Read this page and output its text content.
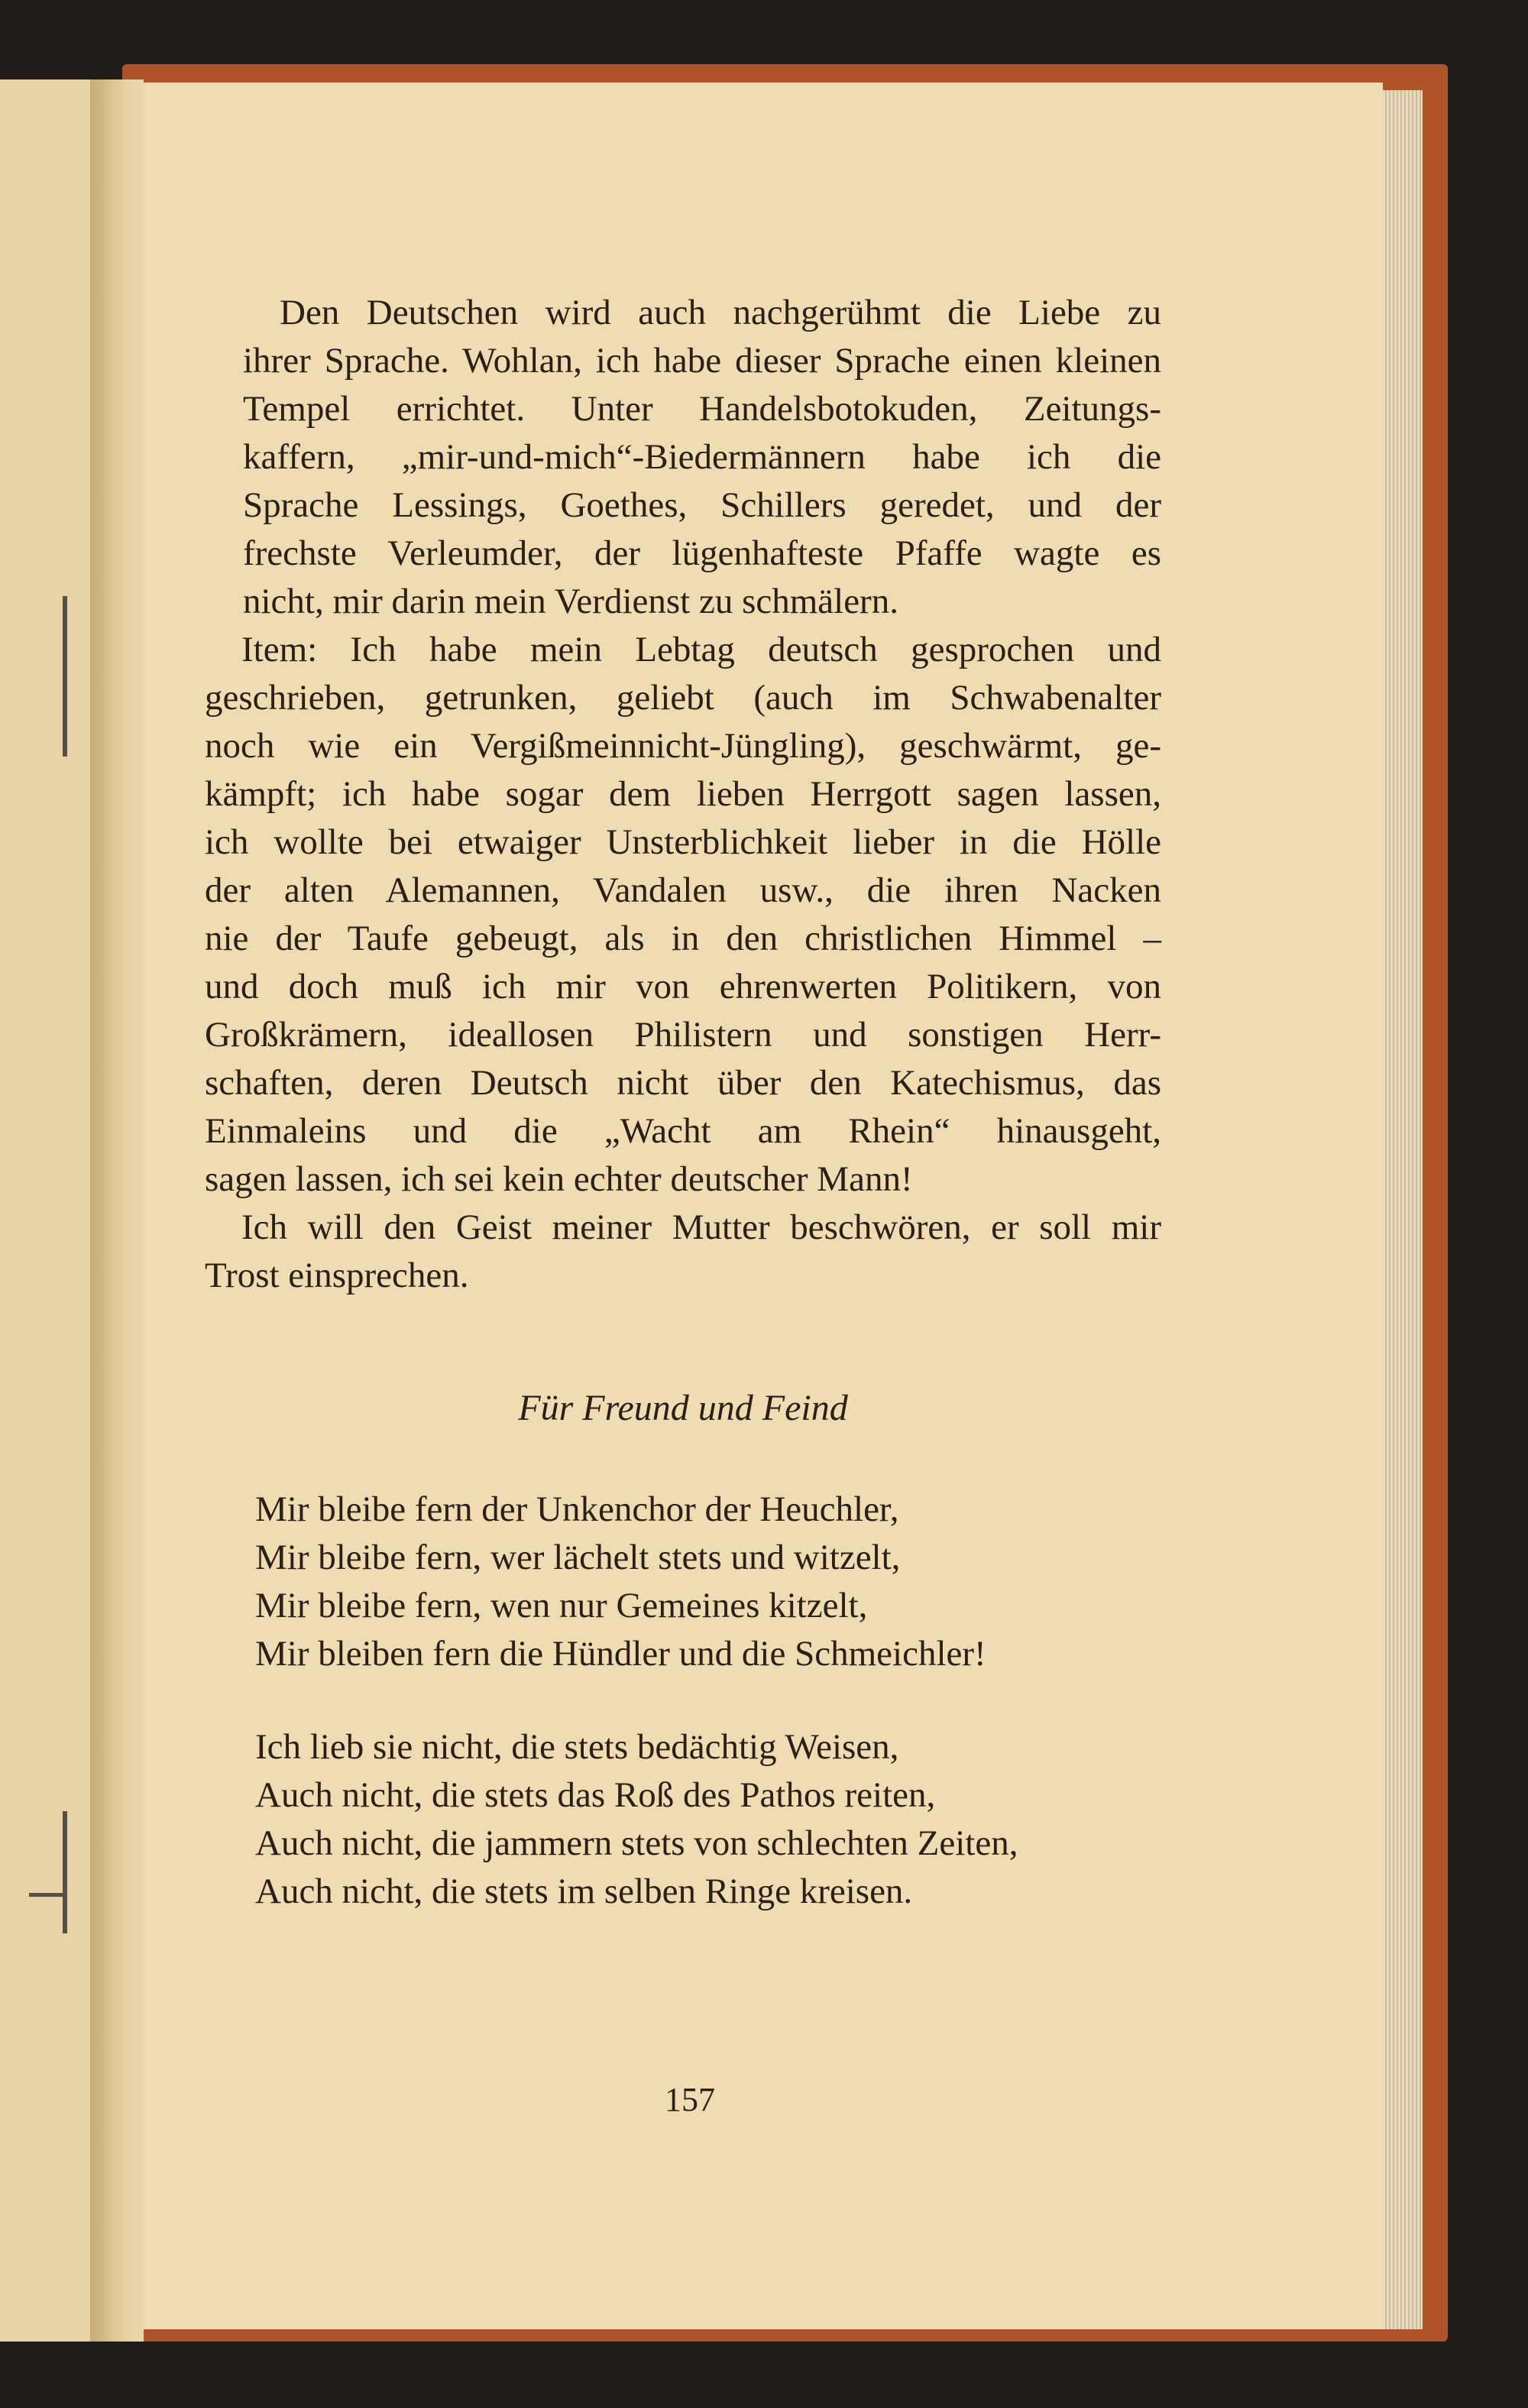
Den Deutschen wird auch nachgerühmt die Liebe zu
ihrer Sprache. Wohlan, ich habe dieser Sprache einen kleinen
Tempel errichtet. Unter Handelsbotokuden, Zeitungs-
kaffern, „mir-und-mich“-Biedermännern habe ich die
Sprache Lessings, Goethes, Schillers geredet, und der
frechste Verleumder, der lügenhafteste Pfaffe wagte es
nicht, mir darin mein Verdienst zu schmälern.
Item: Ich habe mein Lebtag deutsch gesprochen und
geschrieben, getrunken, geliebt (auch im Schwabenalter
noch wie ein Vergißmeinnicht-Jüngling), geschwärmt, ge-
kämpft; ich habe sogar dem lieben Herrgott sagen lassen,
ich wollte bei etwaiger Unsterblichkeit lieber in die Hölle
der alten Alemannen, Vandalen usw., die ihren Nacken
nie der Taufe gebeugt, als in den christlichen Himmel –
und doch muß ich mir von ehrenwerten Politikern, von
Großkrämern, ideallosen Philistern und sonstigen Herr-
schaften, deren Deutsch nicht über den Katechismus, das
Einmaleins und die „Wacht am Rhein“ hinausgeht,
sagen lassen, ich sei kein echter deutscher Mann!
Ich will den Geist meiner Mutter beschwören, er soll mir
Trost einsprechen.
Für Freund und Feind
Mir bleibe fern der Unkenchor der Heuchler,
Mir bleibe fern, wer lächelt stets und witzelt,
Mir bleibe fern, wen nur Gemeines kitzelt,
Mir bleiben fern die Hündler und die Schmeichler!
Ich lieb sie nicht, die stets bedächtig Weisen,
Auch nicht, die stets das Roß des Pathos reiten,
Auch nicht, die jammern stets von schlechten Zeiten,
Auch nicht, die stets im selben Ringe kreisen.
157
